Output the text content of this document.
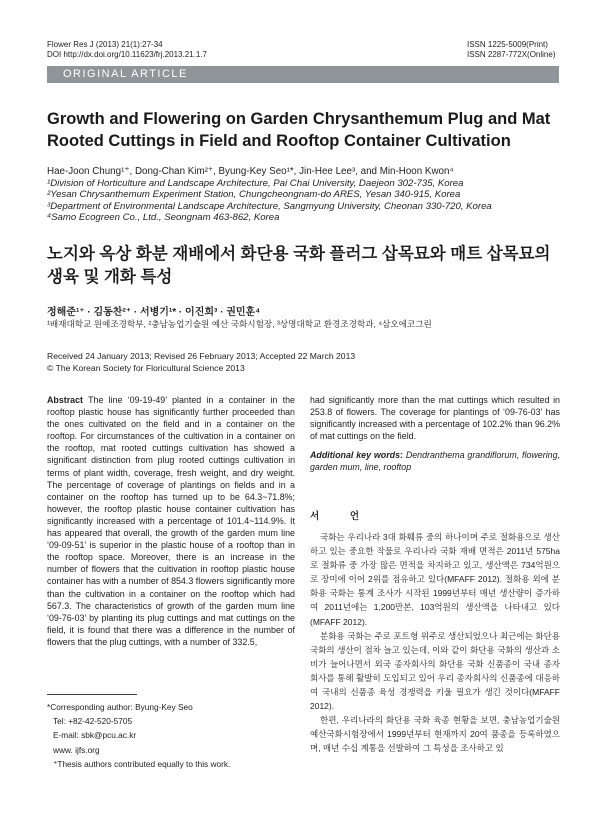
Flower Res J (2013) 21(1):27-34
DOI http://dx.doi.org/10.11623/frj.2013.21.1.7
ISSN 1225-5009(Print)
ISSN 2287-772X(Online)
ORIGINAL ARTICLE
Growth and Flowering on Garden Chrysanthemum Plug and Mat Rooted Cuttings in Field and Rooftop Container Cultivation
Hae-Joon Chung¹⁺, Dong-Chan Kim²⁺, Byung-Key Seo¹*, Jin-Hee Lee³, and Min-Hoon Kwon⁴
¹Division of Horticulture and Landscape Architecture, Pai Chai University, Daejeon 302-735, Korea
²Yesan Chrysanthemum Experiment Station, Chungcheongnam-do ARES, Yesan 340-915, Korea
³Department of Environmental Landscape Architecture, Sangmyung University, Cheonan 330-720, Korea
⁴Samo Ecogreen Co., Ltd., Seongnam 463-862, Korea
노지와 옥상 화분 재배에서 화단용 국화 플러그 삽목묘와 매트 삽목묘의 생육 및 개화 특성
정해준¹⁺ · 김동찬²⁺ · 서병기¹* · 이진희³ · 권민훈⁴
¹배재대학교 원예조경학부, ²충남농업기술원 예산 국화시험장, ³상명대학교 환경조경학과, ⁴삼오에코그린
Received 24 January 2013; Revised 26 February 2013; Accepted 22 March 2013
© The Korean Society for Floricultural Science 2013
Abstract The line ‘09-19-49’ planted in a container in the rooftop plastic house has significantly further proceeded than the ones cultivated on the field and in a container on the rooftop. For circumstances of the cultivation in a container on the rooftop, mat rooted cuttings cultivation has showed a significant distinction from plug rooted cuttings cultivation in terms of plant width, coverage, fresh weight, and dry weight. The percentage of coverage of plantings on fields and in a container on the rooftop has turned up to be 64.3~71.8%; however, the rooftop plastic house container cultivation has significantly increased with a percentage of 101.4~114.9%. It has appeared that overall, the growth of the garden mum line ‘09-09-51’ is superior in the plastic house of a rooftop than in the rooftop space. Moreover, there is an increase in the number of flowers that the cultivation in rooftop plastic house container has with a number of 854.3 flowers significantly more than the cultivation in a container on the rooftop which had 567.3. The characteristics of growth of the garden mum line ‘09-76-03’ by planting its plug cuttings and mat cuttings on the field, it is found that there was a difference in the number of flowers that the plug cuttings, with a number of 332.5,
had significantly more than the mat cuttings which resulted in 253.8 of flowers. The coverage for plantings of ‘09-76-03’ has significantly increased with a percentage of 102.2% than 96.2% of mat cuttings on the field.
Additional key words: Dendranthema grandiflorum, flowering, garden mum, line, rooftop
서 언

국화는 우리나라 3대 화훼류 중의 하나이며 주로 절화용으로 생산하고 있는 중요한 작물로 우리나라 국화 재배 면적은 2011년 575ha로 절화류 중 가장 많은 면적을 차지하고 있고, 생산액은 734억원으로 장미에 이어 2위를 점유하고 있다(MFAFF 2012). 절화용 외에 분화용 국화는 통계 조사가 시작된 1999년부터 매년 생산량이 증가하여 2011년에는 1,200만본, 103억원의 생산액을 나타내고 있다(MFAFF 2012).

분화용 국화는 주로 포트형 위주로 생산되었으나 최근에는 화단용 국화의 생산이 점차 늘고 있는데, 이와 같이 화단용 국화의 생산과 소비가 늘어나면서 외국 종자회사의 화단용 국화 신품종이 국내 종자 회사를 통해 활발히 도입되고 있어 우리 종자회사의 신품종에 대응하여 국내의 신품종 육성 경쟁력을 키울 필요가 생긴 것이다(MFAFF 2012).

한편, 우리나라의 화단용 국화 육종 현황을 보면, 충남농업기술원 예산국화시험장에서 1999년부터 현재까지 20여 품종을 등록하였으며, 매년 수십 계통을 선발하여 그 특성을 조사하고 있

*Corresponding author: Byung-Key Seo
Tel: +82-42-520-5705
E-mail: sbk@pcu.ac.kr
www. ijfs.org
⁺Thesis authors contributed equally to this work.
